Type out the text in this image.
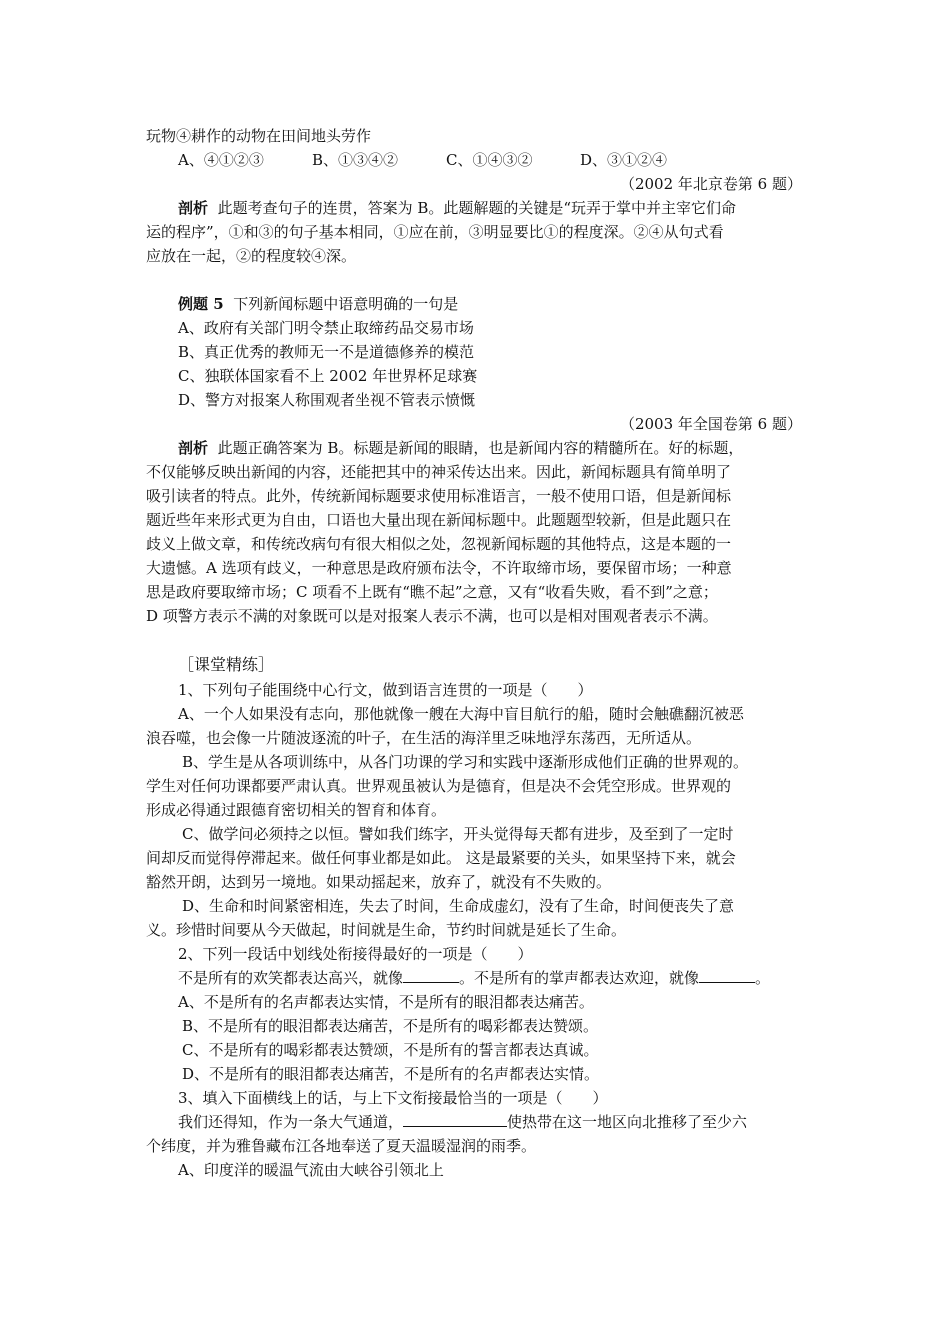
玩物④耕作的动物在田间地头劳作
A、④①②③	B、①③④②	C、①④③②	D、③①②④
（2002 年北京卷第 6 题）
剖析 此题考查句子的连贯，答案为 B。此题解题的关键是“玩弄于掌中并主宰它们命
运的程序”，①和③的句子基本相同，①应在前，③明显要比①的程度深。②④从句式看
应放在一起，②的程度较④深。
例题 5 下列新闻标题中语意明确的一句是
A、政府有关部门明令禁止取缔药品交易市场
B、真正优秀的教师无一不是道德修养的模范
C、独联体国家看不上 2002 年世界杯足球赛
D、警方对报案人称围观者坐视不管表示愤慨
（2003 年全国卷第 6 题）
剖析 此题正确答案为 B。标题是新闻的眼睛，也是新闻内容的精髓所在。好的标题，
不仅能够反映出新闻的内容，还能把其中的神采传达出来。因此，新闻标题具有简单明了
吸引读者的特点。此外，传统新闻标题要求使用标准语言，一般不使用口语，但是新闻标
题近些年来形式更为自由，口语也大量出现在新闻标题中。此题题型较新，但是此题只在
歧义上做文章，和传统改病句有很大相似之处，忽视新闻标题的其他特点，这是本题的一
大遗憾。A 选项有歧义，一种意思是政府颁布法令，不许取缔市场，要保留市场；一种意
思是政府要取缔市场；C 项看不上既有“瞧不起”之意，又有“收看失败，看不到”之意；
D 项警方表示不满的对象既可以是对报案人表示不满，也可以是相对围观者表示不满。
［课堂精练］
1、下列句子能围绕中心行文，做到语言连贯的一项是（　　）
A、一个人如果没有志向，那他就像一艘在大海中盲目航行的船，随时会触礁翻沉被恶
浪吞噬，也会像一片随波逐流的叶子，在生活的海洋里乏味地浮东荡西，无所适从。
B、学生是从各项训练中，从各门功课的学习和实践中逐渐形成他们正确的世界观的。
学生对任何功课都要严肃认真。世界观虽被认为是德育，但是决不会凭空形成。世界观的
形成必得通过跟德育密切相关的智育和体育。
C、做学问必须持之以恒。譬如我们练字，开头觉得每天都有进步，及至到了一定时
间却反而觉得停滞起来。做任何事业都是如此。 这是最紧要的关头，如果坚持下来，就会
豁然开朗，达到另一境地。如果动摇起来，放弃了，就没有不失败的。
D、生命和时间紧密相连，失去了时间，生命成虚幻，没有了生命，时间便丧失了意
义。珍惜时间要从今天做起，时间就是生命，节约时间就是延长了生命。
2、下列一段话中划线处衔接得最好的一项是（　　）
不是所有的欢笑都表达高兴，就像	。不是所有的掌声都表达欢迎，就像	。
A、不是所有的名声都表达实情，不是所有的眼泪都表达痛苦。
B、不是所有的眼泪都表达痛苦，不是所有的喝彩都表达赞颂。
C、不是所有的喝彩都表达赞颂，不是所有的誓言都表达真诚。
D、不是所有的眼泪都表达痛苦，不是所有的名声都表达实情。
3、填入下面横线上的话，与上下文衔接最恰当的一项是（　　）
我们还得知，作为一条大气通道，	使热带在这一地区向北推移了至少六
个纬度，并为雅鲁藏布江各地奉送了夏天温暖湿润的雨季。
A、印度洋的暖温气流由大峡谷引领北上
